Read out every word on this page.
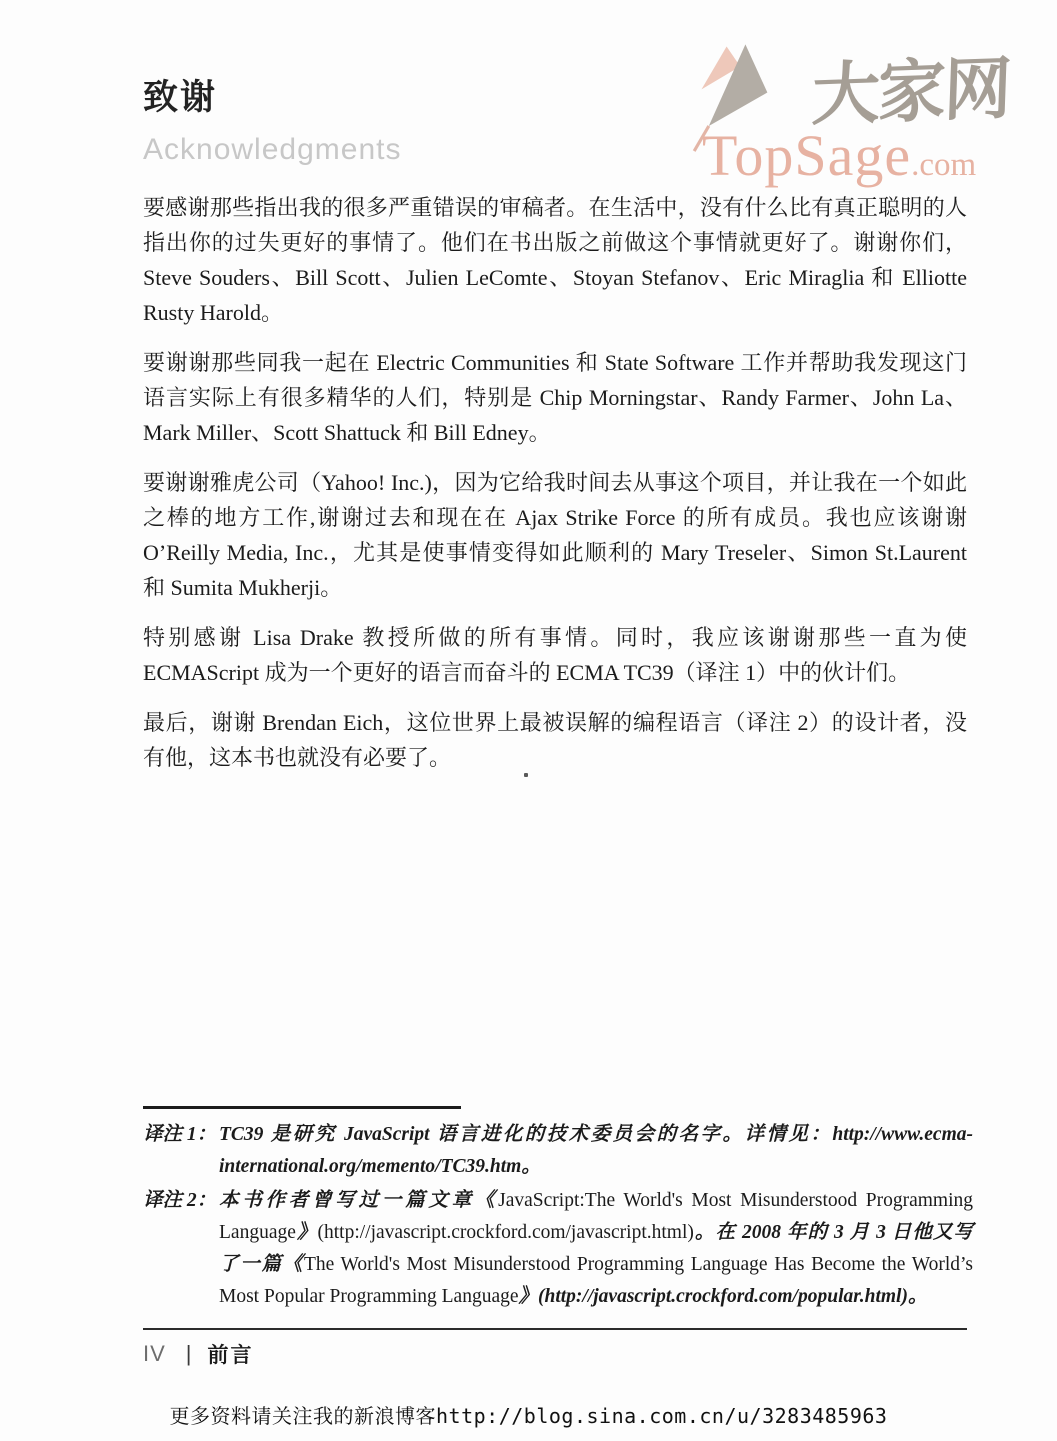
大家网
TopSage.com
致谢
Acknowledgments

要感谢那些指出我的很多严重错误的审稿者。在生活中，没有什么比有真正聪明的人指出你的过失更好的事情了。他们在书出版之前做这个事情就更好了。谢谢你们，Steve Souders、Bill Scott、Julien LeComte、Stoyan Stefanov、Eric Miraglia 和 Elliotte Rusty Harold。

要谢谢那些同我一起在 Electric Communities 和 State Software 工作并帮助我发现这门语言实际上有很多精华的人们，特别是 Chip Morningstar、Randy Farmer、John La、Mark Miller、Scott Shattuck 和 Bill Edney。

要谢谢雅虎公司（Yahoo! Inc.)，因为它给我时间去从事这个项目，并让我在一个如此之棒的地方工作,谢谢过去和现在在 Ajax Strike Force 的所有成员。我也应该谢谢 O’Reilly Media, Inc.，尤其是使事情变得如此顺利的 Mary Treseler、Simon St.Laurent 和 Sumita Mukherji。

特别感谢 Lisa Drake 教授所做的所有事情。同时，我应该谢谢那些一直为使 ECMAScript 成为一个更好的语言而奋斗的 ECMA TC39（译注 1）中的伙计们。

最后，谢谢 Brendan Eich，这位世界上最被误解的编程语言（译注 2）的设计者，没有他，这本书也就没有必要了。

译注 1： TC39 是研究 JavaScript 语言进化的技术委员会的名字。详情见：http://www.ecma-international.org/memento/TC39.htm。
译注 2： 本书作者曾写过一篇文章《JavaScript:The World's Most Misunderstood Programming Language》(http://javascript.crockford.com/javascript.html)。在 2008 年的 3 月 3 日他又写了一篇《The World's Most Misunderstood Programming Language Has Become the World’s Most Popular Programming Language》(http://javascript.crockford.com/popular.html)。
IV | 前言
更多资料请关注我的新浪博客http://blog.sina.com.cn/u/3283485963
